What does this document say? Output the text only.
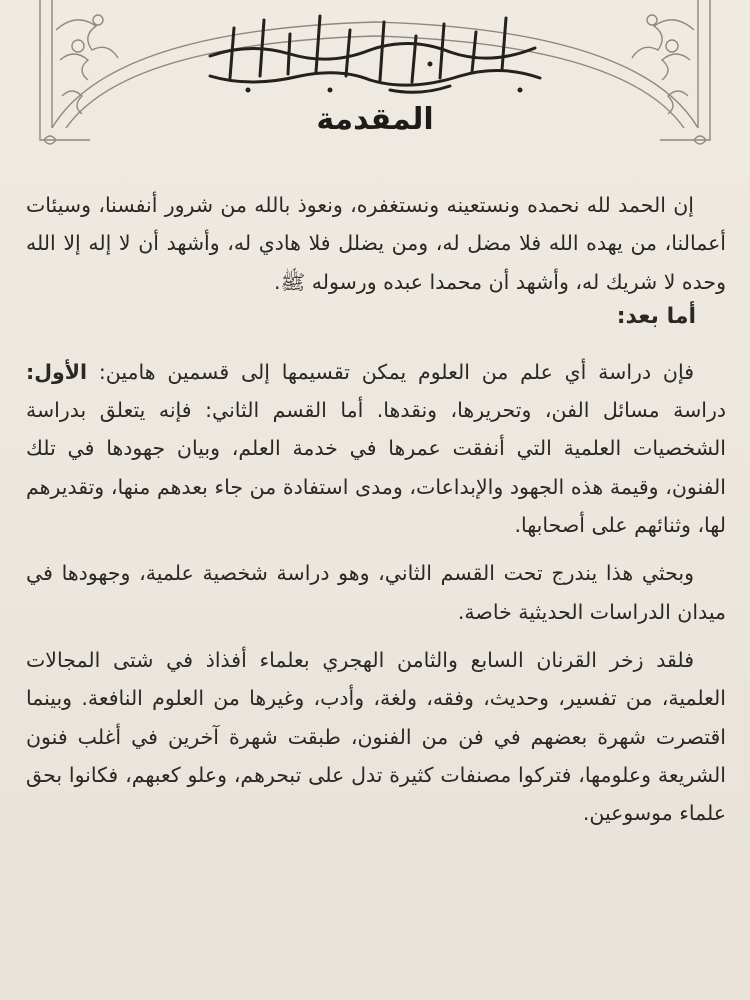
المقدمة

إن الحمد لله نحمده ونستعينه ونستغفره، ونعوذ بالله من شرور أنفسنا، وسيئات أعمالنا، من يهده الله فلا مضل له، ومن يضلل فلا هادي له، وأشهد أن لا إله إلا الله وحده لا شريك له، وأشهد أن محمدا عبده ورسوله ﷺ.

أما بعد:

فإن دراسة أي علم من العلوم يمكن تقسيمها إلى قسمين هامين: الأول: دراسة مسائل الفن، وتحريرها، ونقدها. أما القسم الثاني: فإنه يتعلق بدراسة الشخصيات العلمية التي أنفقت عمرها في خدمة العلم، وبيان جهودها في تلك الفنون، وقيمة هذه الجهود والإبداعات، ومدى استفادة من جاء بعدهم منها، وتقديرهم لها، وثنائهم على أصحابها.

وبحثي هذا يندرج تحت القسم الثاني، وهو دراسة شخصية علمية، وجهودها في ميدان الدراسات الحديثية خاصة.

فلقد زخر القرنان السابع والثامن الهجري بعلماء أفذاذ في شتى المجالات العلمية، من تفسير، وحديث، وفقه، ولغة، وأدب، وغيرها من العلوم النافعة. وبينما اقتصرت شهرة بعضهم في فن من الفنون، طبقت شهرة آخرين في أغلب فنون الشريعة وعلومها، فتركوا مصنفات كثيرة تدل على تبحرهم، وعلو كعبهم، فكانوا بحق علماء موسوعين.
